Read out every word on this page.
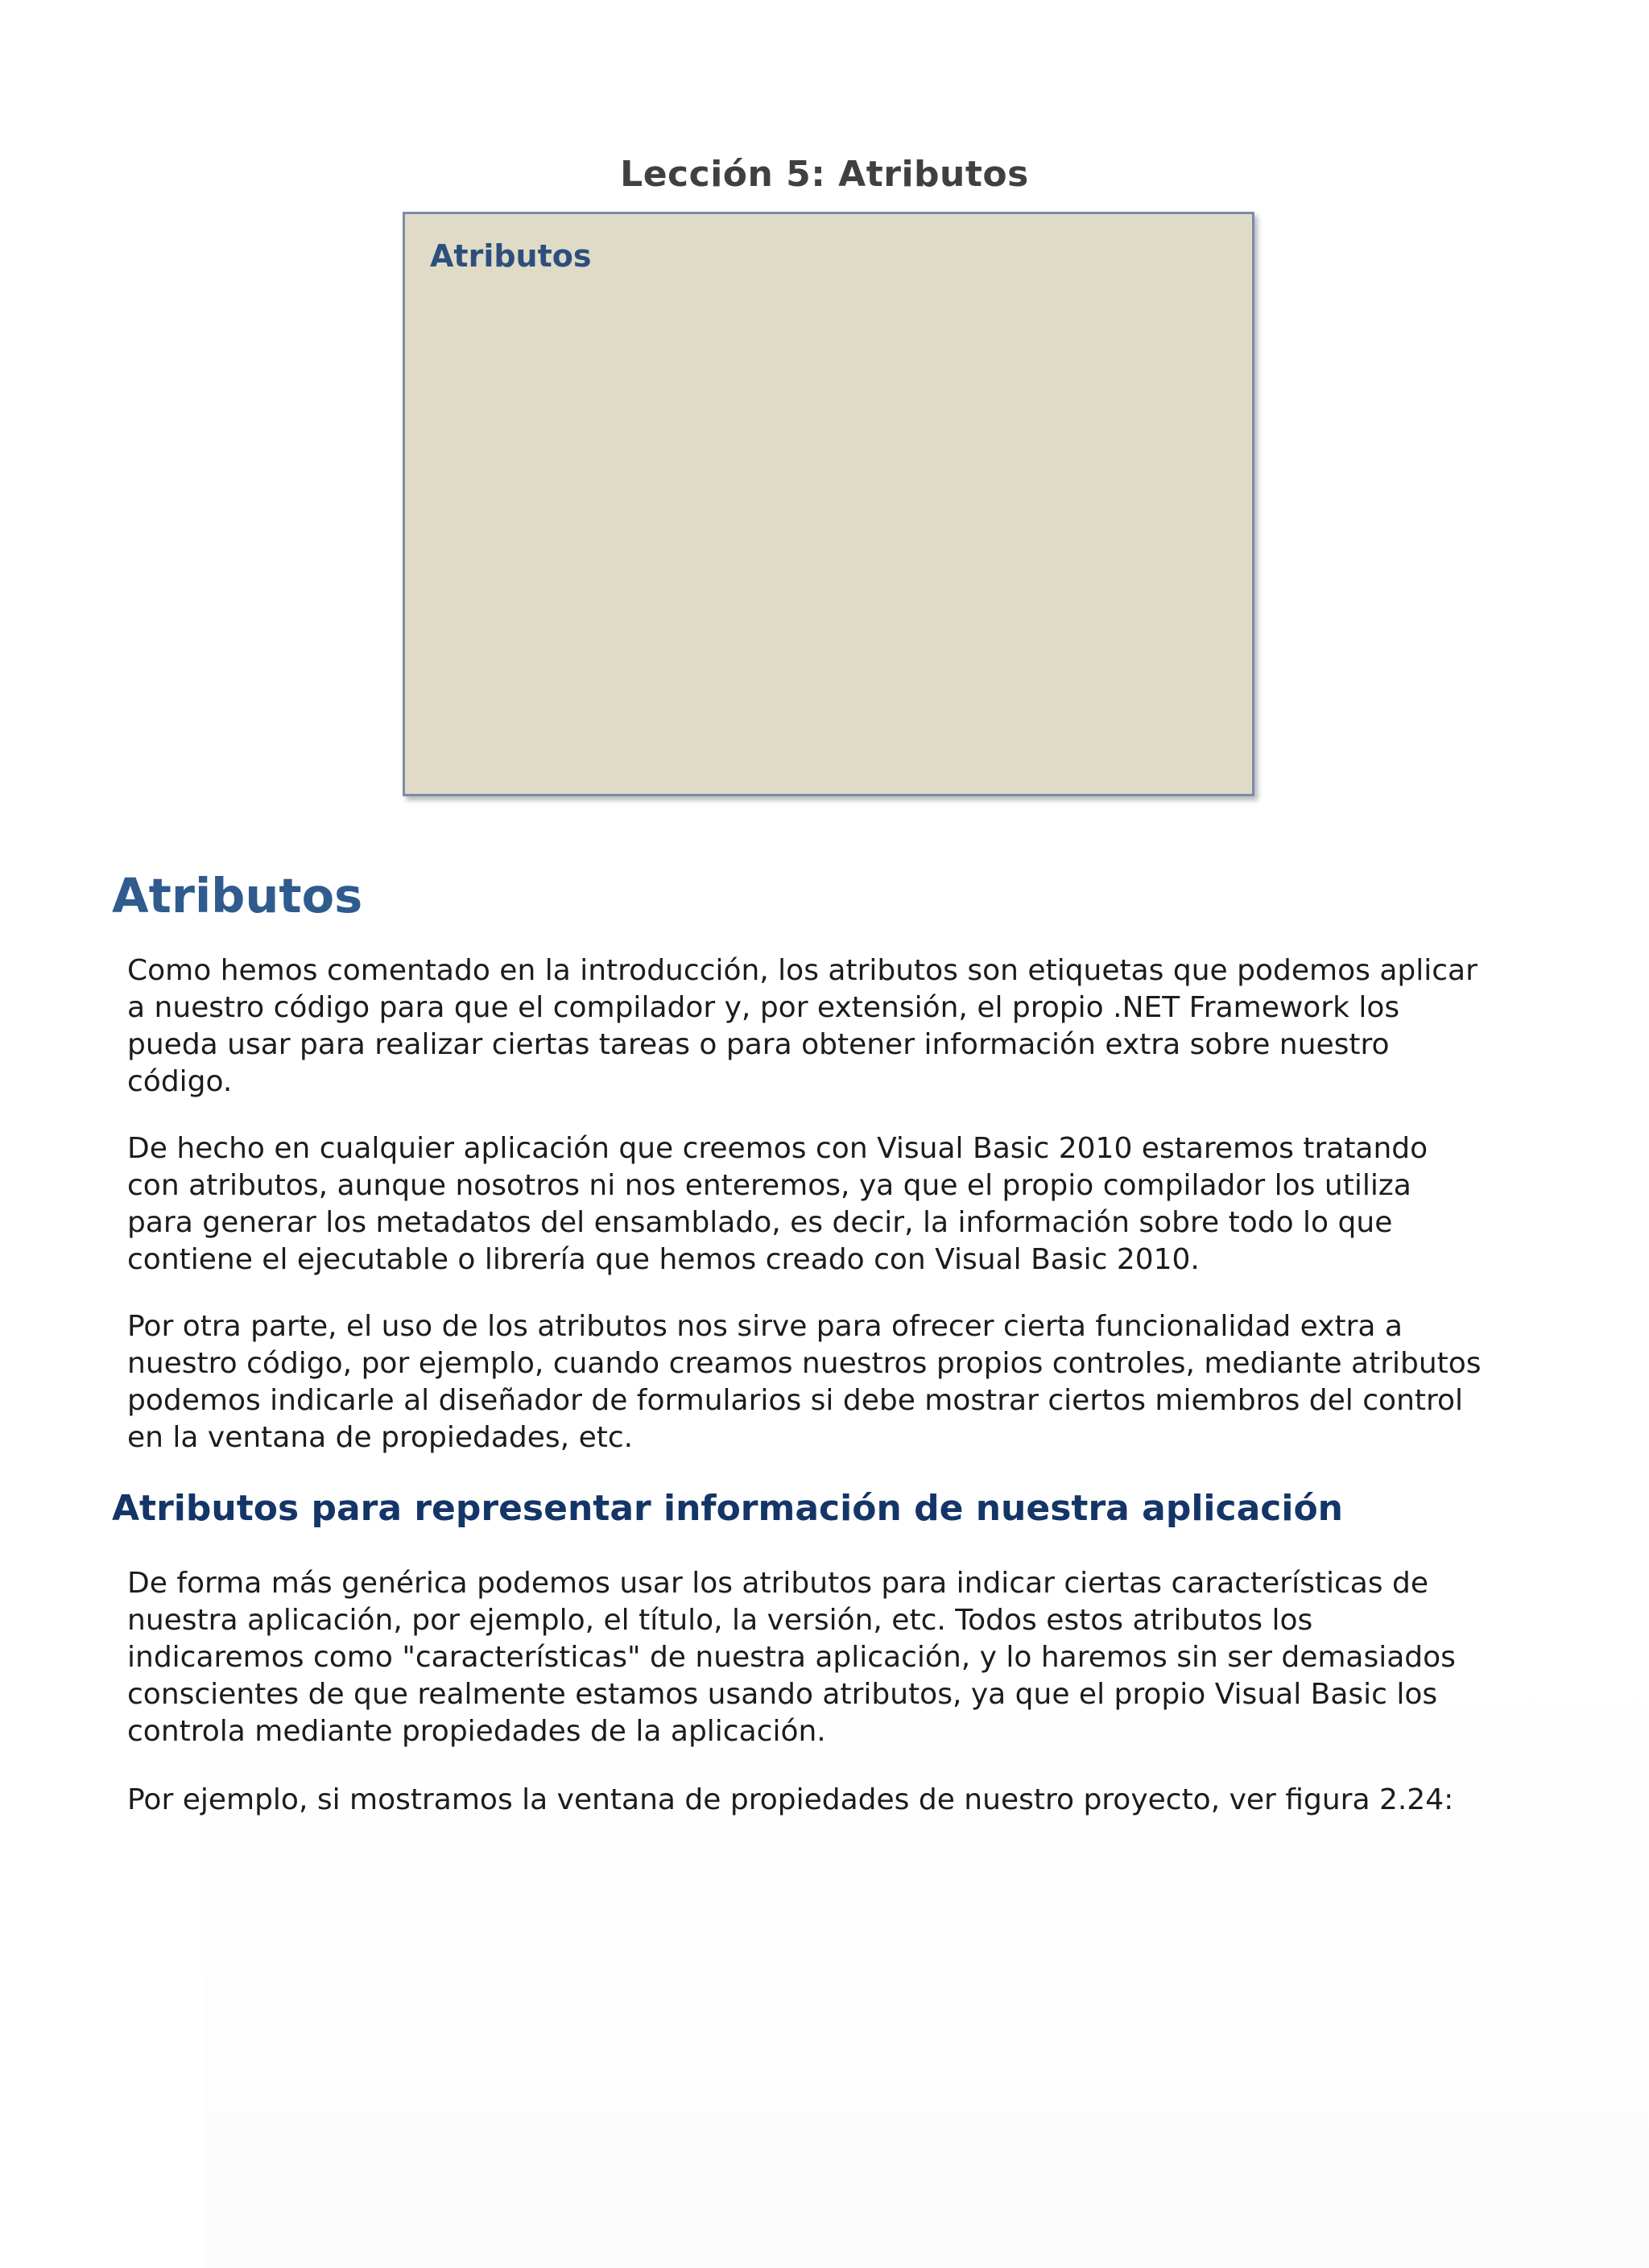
Lección 5: Atributos
Atributos
Atributos

Como hemos comentado en la introducción, los atributos son etiquetas que podemos aplicar
a nuestro código para que el compilador y, por extensión, el propio .NET Framework los
pueda usar para realizar ciertas tareas o para obtener información extra sobre nuestro
código.

De hecho en cualquier aplicación que creemos con Visual Basic 2010 estaremos tratando
con atributos, aunque nosotros ni nos enteremos, ya que el propio compilador los utiliza
para generar los metadatos del ensamblado, es decir, la información sobre todo lo que
contiene el ejecutable o librería que hemos creado con Visual Basic 2010.

Por otra parte, el uso de los atributos nos sirve para ofrecer cierta funcionalidad extra a
nuestro código, por ejemplo, cuando creamos nuestros propios controles, mediante atributos
podemos indicarle al diseñador de formularios si debe mostrar ciertos miembros del control
en la ventana de propiedades, etc.

Atributos para representar información de nuestra aplicación

De forma más genérica podemos usar los atributos para indicar ciertas características de
nuestra aplicación, por ejemplo, el título, la versión, etc. Todos estos atributos los
indicaremos como "características" de nuestra aplicación, y lo haremos sin ser demasiados
conscientes de que realmente estamos usando atributos, ya que el propio Visual Basic los
controla mediante propiedades de la aplicación.

Por ejemplo, si mostramos la ventana de propiedades de nuestro proyecto, ver figura 2.24:
